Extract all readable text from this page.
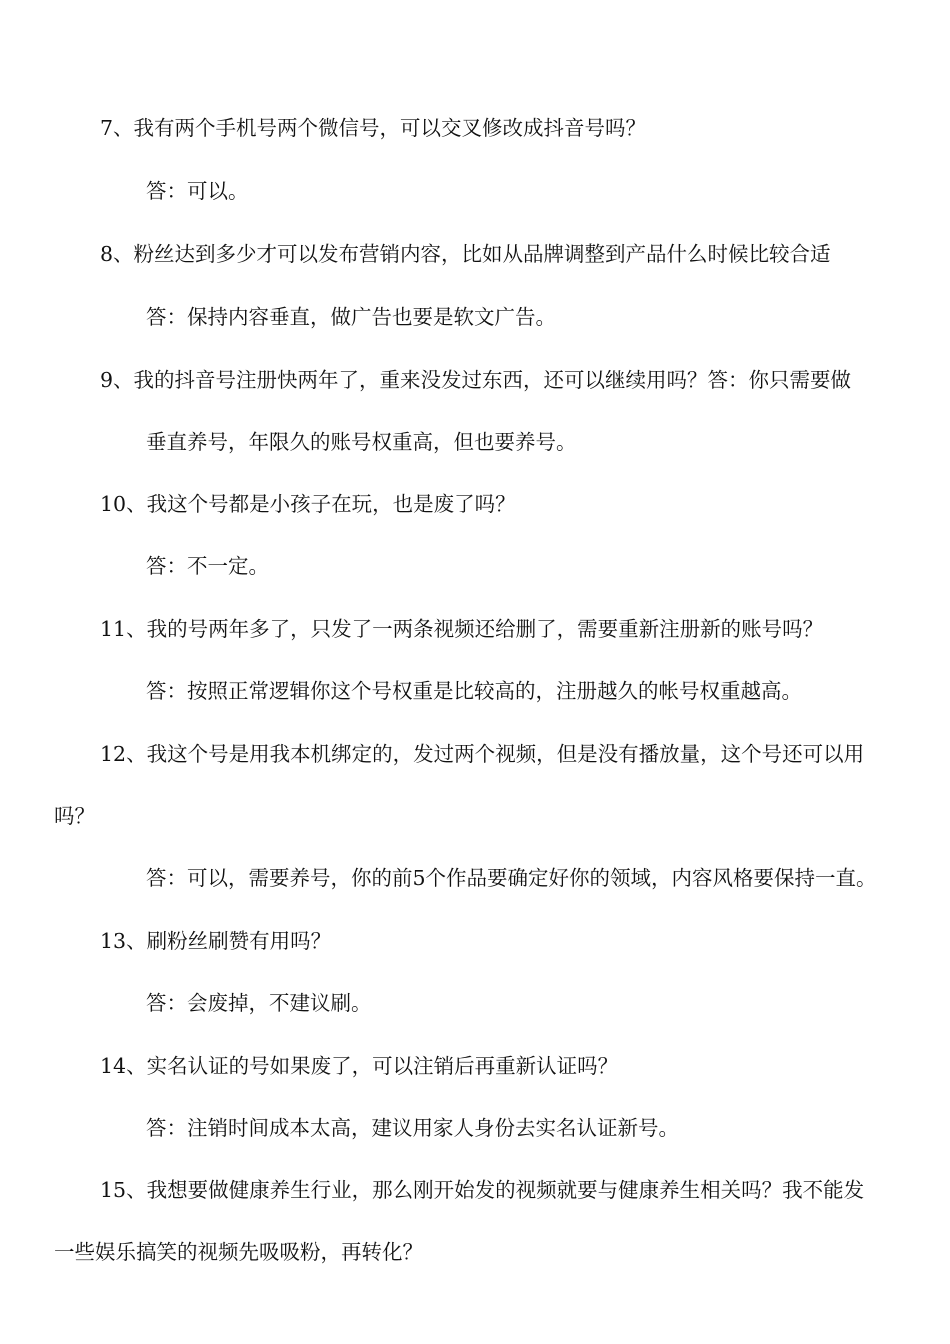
7、我有两个手机号两个微信号，可以交叉修改成抖音号吗？
答：可以。
8、粉丝达到多少才可以发布营销内容，比如从品牌调整到产品什么时候比较合适
答：保持内容垂直，做广告也要是软文广告。
9、我的抖音号注册快两年了，重来没发过东西，还可以继续用吗？答：你只需要做
垂直养号，年限久的账号权重高，但也要养号。
10、我这个号都是小孩子在玩，也是废了吗？
答：不一定。
11、我的号两年多了，只发了一两条视频还给删了，需要重新注册新的账号吗？
答：按照正常逻辑你这个号权重是比较高的，注册越久的帐号权重越高。
12、我这个号是用我本机绑定的，发过两个视频，但是没有播放量，这个号还可以用
吗？
答：可以，需要养号，你的前5个作品要确定好你的领域，内容风格要保持一直。
13、刷粉丝刷赞有用吗？
答：会废掉，不建议刷。
14、实名认证的号如果废了，可以注销后再重新认证吗？
答：注销时间成本太高，建议用家人身份去实名认证新号。
15、我想要做健康养生行业，那么刚开始发的视频就要与健康养生相关吗？我不能发
一些娱乐搞笑的视频先吸吸粉，再转化？
